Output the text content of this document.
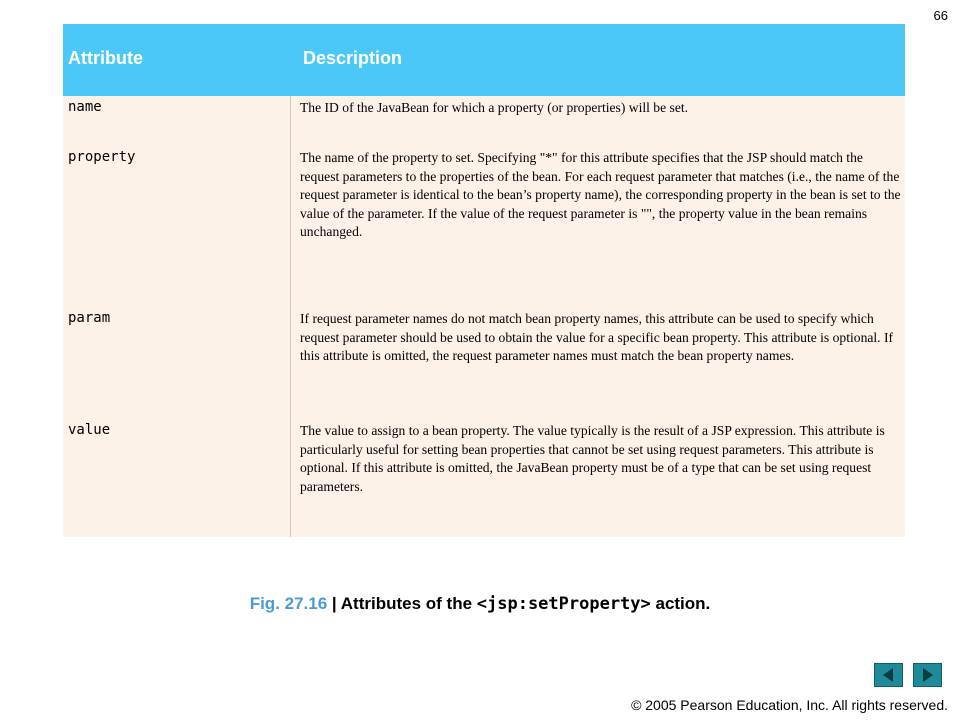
66
Attribute	Description
name	The ID of the JavaBean for which a property (or properties) will be set.
property	The name of the property to set. Specifying "*" for this attribute specifies that the JSP should match the request parameters to the properties of the bean. For each request parameter that matches (i.e., the name of the request parameter is identical to the bean’s property name), the corresponding property in the bean is set to the value of the parameter. If the value of the request parameter is "", the property value in the bean remains unchanged.
param	If request parameter names do not match bean property names, this attribute can be used to specify which request parameter should be used to obtain the value for a specific bean property. This attribute is optional. If this attribute is omitted, the request parameter names must match the bean property names.
value	The value to assign to a bean property. The value typically is the result of a JSP expression. This attribute is particularly useful for setting bean properties that cannot be set using request parameters. This attribute is optional. If this attribute is omitted, the JavaBean property must be of a type that can be set using request parameters.
Fig. 27.16 | Attributes of the <jsp:setProperty> action.
© 2005 Pearson Education, Inc. All rights reserved.
